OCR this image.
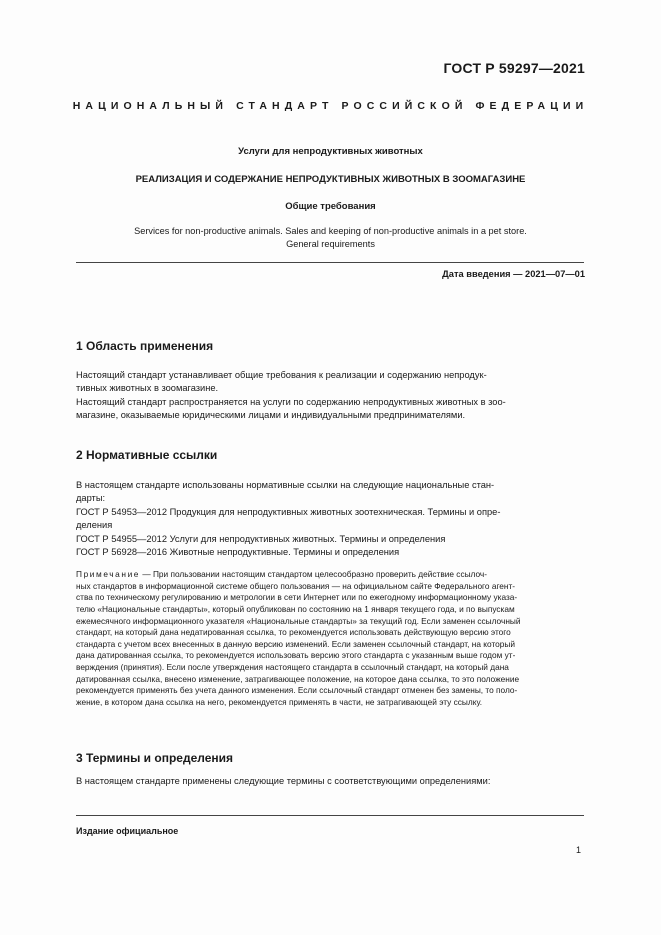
ГОСТ Р 59297—2021
НАЦИОНАЛЬНЫЙ СТАНДАРТ РОССИЙСКОЙ ФЕДЕРАЦИИ
Услуги для непродуктивных животных
РЕАЛИЗАЦИЯ И СОДЕРЖАНИЕ НЕПРОДУКТИВНЫХ ЖИВОТНЫХ В ЗООМАГАЗИНЕ
Общие требования
Services for non-productive animals. Sales and keeping of non-productive animals in a pet store.
General requirements
Дата введения — 2021—07—01
1 Область применения
Настоящий стандарт устанавливает общие требования к реализации и содержанию непродук-
тивных животных в зоомагазине.
Настоящий стандарт распространяется на услуги по содержанию непродуктивных животных в зоо-
магазине, оказываемые юридическими лицами и индивидуальными предпринимателями.
2 Нормативные ссылки
В настоящем стандарте использованы нормативные ссылки на следующие национальные стан-
дарты:
ГОСТ Р 54953—2012 Продукция для непродуктивных животных зоотехническая. Термины и опре-
деления
ГОСТ Р 54955—2012 Услуги для непродуктивных животных. Термины и определения
ГОСТ Р 56928—2016 Животные непродуктивные. Термины и определения
Примечание — При пользовании настоящим стандартом целесообразно проверить действие ссылоч-
ных стандартов в информационной системе общего пользования — на официальном сайте Федерального агент-
ства по техническому регулированию и метрологии в сети Интернет или по ежегодному информационному указа-
телю «Национальные стандарты», который опубликован по состоянию на 1 января текущего года, и по выпускам
ежемесячного информационного указателя «Национальные стандарты» за текущий год. Если заменен ссылочный
стандарт, на который дана недатированная ссылка, то рекомендуется использовать действующую версию этого
стандарта с учетом всех внесенных в данную версию изменений. Если заменен ссылочный стандарт, на который
дана датированная ссылка, то рекомендуется использовать версию этого стандарта с указанным выше годом ут-
верждения (принятия). Если после утверждения настоящего стандарта в ссылочный стандарт, на который дана
датированная ссылка, внесено изменение, затрагивающее положение, на которое дана ссылка, то это положение
рекомендуется применять без учета данного изменения. Если ссылочный стандарт отменен без замены, то поло-
жение, в котором дана ссылка на него, рекомендуется применять в части, не затрагивающей эту ссылку.
3 Термины и определения
В настоящем стандарте применены следующие термины с соответствующими определениями:
Издание официальное
1
